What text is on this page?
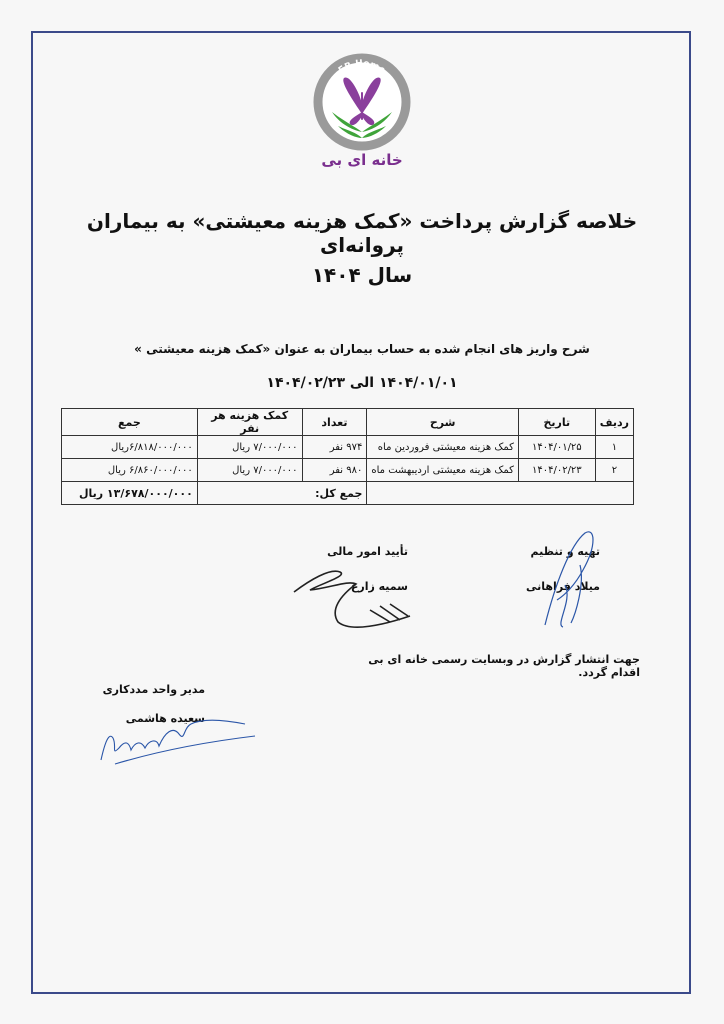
EB Home
خانه ای بی
خلاصه گزارش پرداخت «کمک هزینه معیشتی» به بیماران پروانه‌ای
سال ۱۴۰۴
شرح واریز های انجام شده به حساب بیماران به عنوان «کمک هزینه معیشتی »
۱۴۰۴/۰۱/۰۱ الی ۱۴۰۴/۰۲/۲۳
ردیف	تاریخ	شرح	تعداد	کمک هزینه هر نفر	جمع
۱	۱۴۰۴/۰۱/۲۵	کمک هزینه معیشتی فروردین ماه	۹۷۴ نفر	۷/۰۰۰/۰۰۰ ریال	۶/۸۱۸/۰۰۰/۰۰۰ریال
۲	۱۴۰۴/۰۲/۲۳	کمک هزینه معیشتی اردیبهشت ماه	۹۸۰ نفر	۷/۰۰۰/۰۰۰ ریال	۶/۸۶۰/۰۰۰/۰۰۰ ریال
			جمع کل:		۱۳/۶۷۸/۰۰۰/۰۰۰ ریال
تهیه و تنظیم
میلاد فراهانی
تأیید امور مالی
سمیه زارع
جهت انتشار گزارش در وبسایت رسمی خانه ای بی اقدام گردد.
مدیر واحد مددکاری
سعیده هاشمی
